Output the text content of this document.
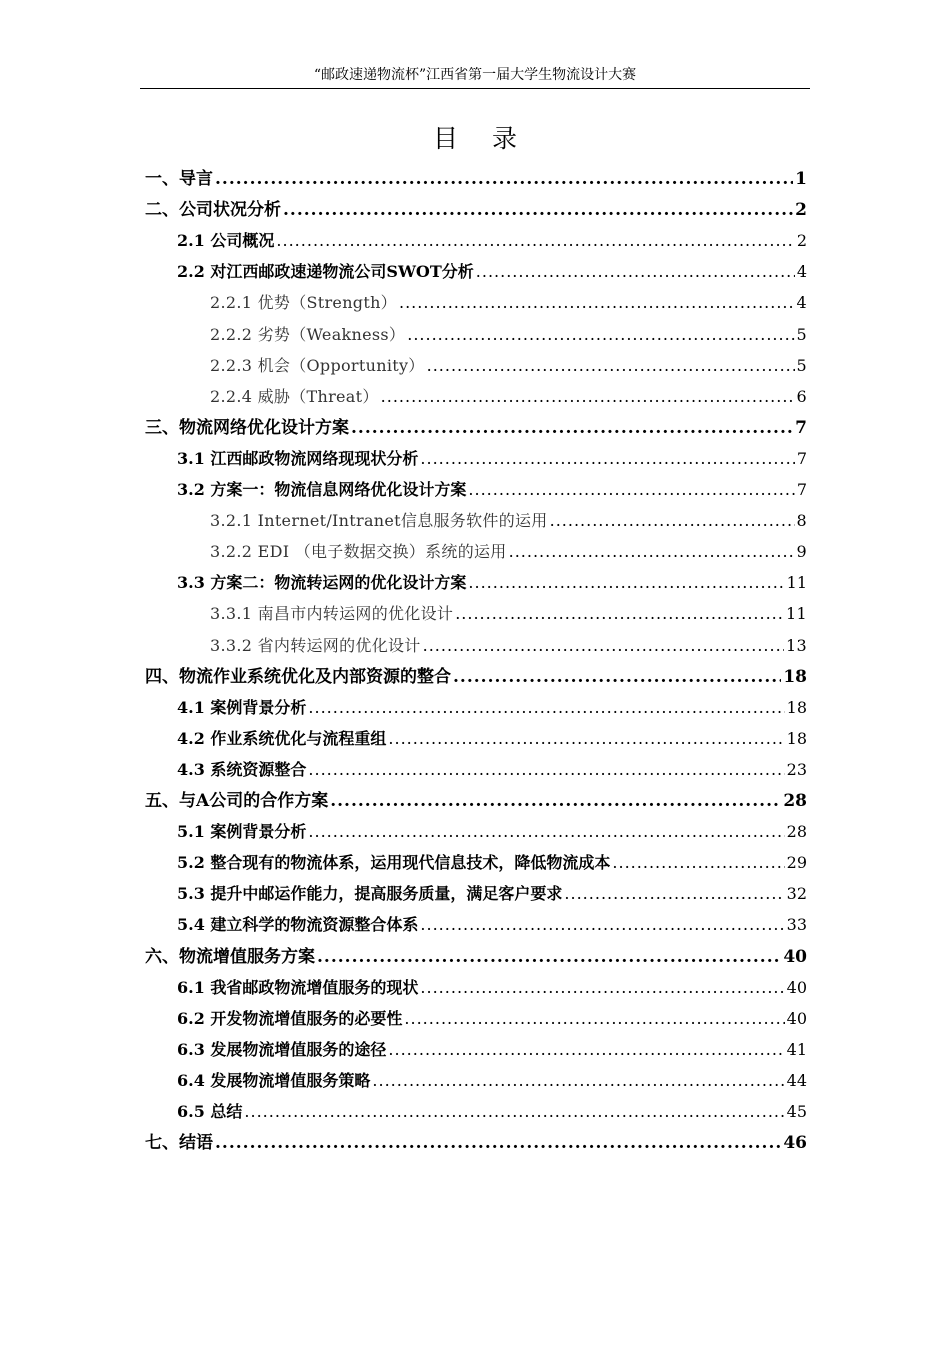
“邮政速递物流杯”江西省第一届大学生物流设计大赛
目录
一、导言 .....	1
二、公司状况分析 .....	2
2.1 公司概况 .....	2
2.2 对江西邮政速递物流公司SWOT分析 .....	4
2.2.1 优势（Strength） .....	4
2.2.2 劣势（Weakness） .....	5
2.2.3 机会（Opportunity） .....	5
2.2.4 威胁（Threat） .....	6
三、物流网络优化设计方案 .....	7
3.1 江西邮政物流网络现现状分析 .....	7
3.2 方案一：物流信息网络优化设计方案 .....	7
3.2.1 Internet/Intranet信息服务软件的运用 .....	8
3.2.2 EDI （电子数据交换）系统的运用 .....	9
3.3 方案二：物流转运网的优化设计方案 .....	11
3.3.1 南昌市内转运网的优化设计 .....	11
3.3.2 省内转运网的优化设计 .....	13
四、物流作业系统优化及内部资源的整合 .....	18
4.1 案例背景分析 .....	18
4.2 作业系统优化与流程重组 .....	18
4.3 系统资源整合 .....	23
五、与A公司的合作方案 .....	28
5.1 案例背景分析 .....	28
5.2 整合现有的物流体系，运用现代信息技术，降低物流成本 .....	29
5.3 提升中邮运作能力，提高服务质量，满足客户要求 .....	32
5.4 建立科学的物流资源整合体系 .....	33
六、物流增值服务方案 .....	40
6.1 我省邮政物流增值服务的现状 .....	40
6.2 开发物流增值服务的必要性 .....	40
6.3 发展物流增值服务的途径 .....	41
6.4 发展物流增值服务策略 .....	44
6.5 总结 .....	45
七、结语 .....	46
